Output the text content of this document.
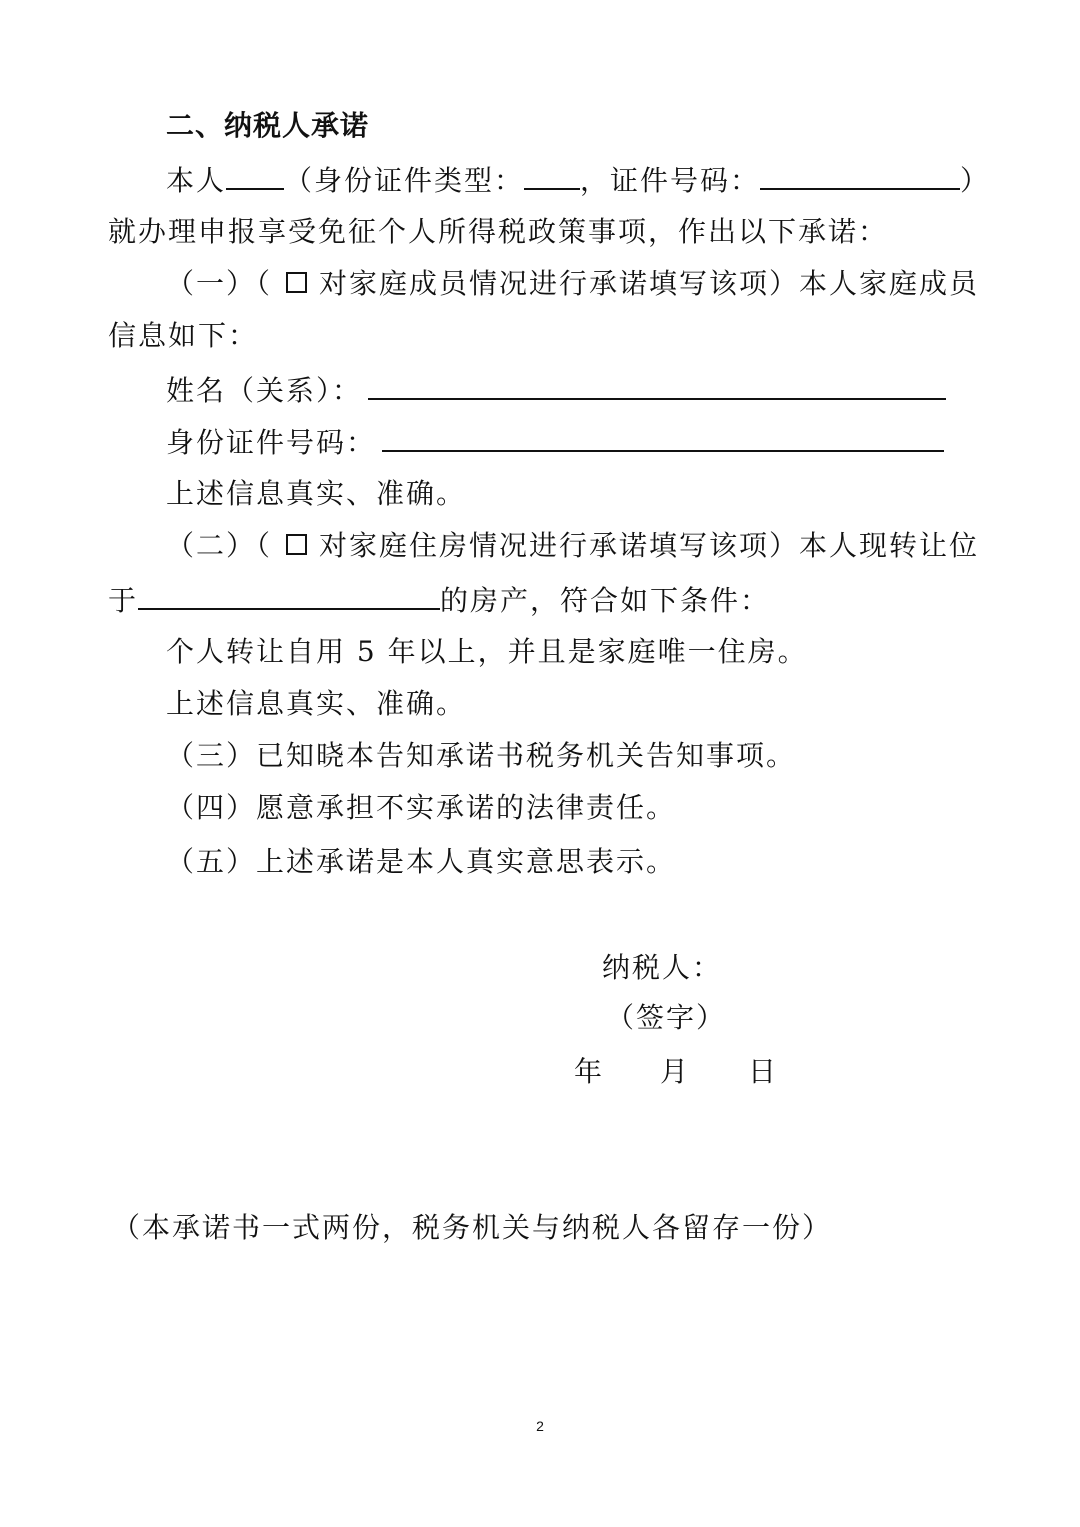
二、纳税人承诺
本人 （身份证件类型： ，证件号码：	）
就办理申报享受免征个人所得税政策事项，作出以下承诺：
（一）（ 对家庭成员情况进行承诺填写该项）本人家庭成员
信息如下：
姓名（关系）：
身份证件号码：
上述信息真实、准确。
（二）（ 对家庭住房情况进行承诺填写该项）本人现转让位
于	的房产，符合如下条件：
个人转让自用 5 年以上，并且是家庭唯一住房。
上述信息真实、准确。
（三）已知晓本告知承诺书税务机关告知事项。
（四）愿意承担不实承诺的法律责任。
（五）上述承诺是本人真实意思表示。
纳税人：
（签字）
年 月 日
（本承诺书一式两份，税务机关与纳税人各留存一份）
2
